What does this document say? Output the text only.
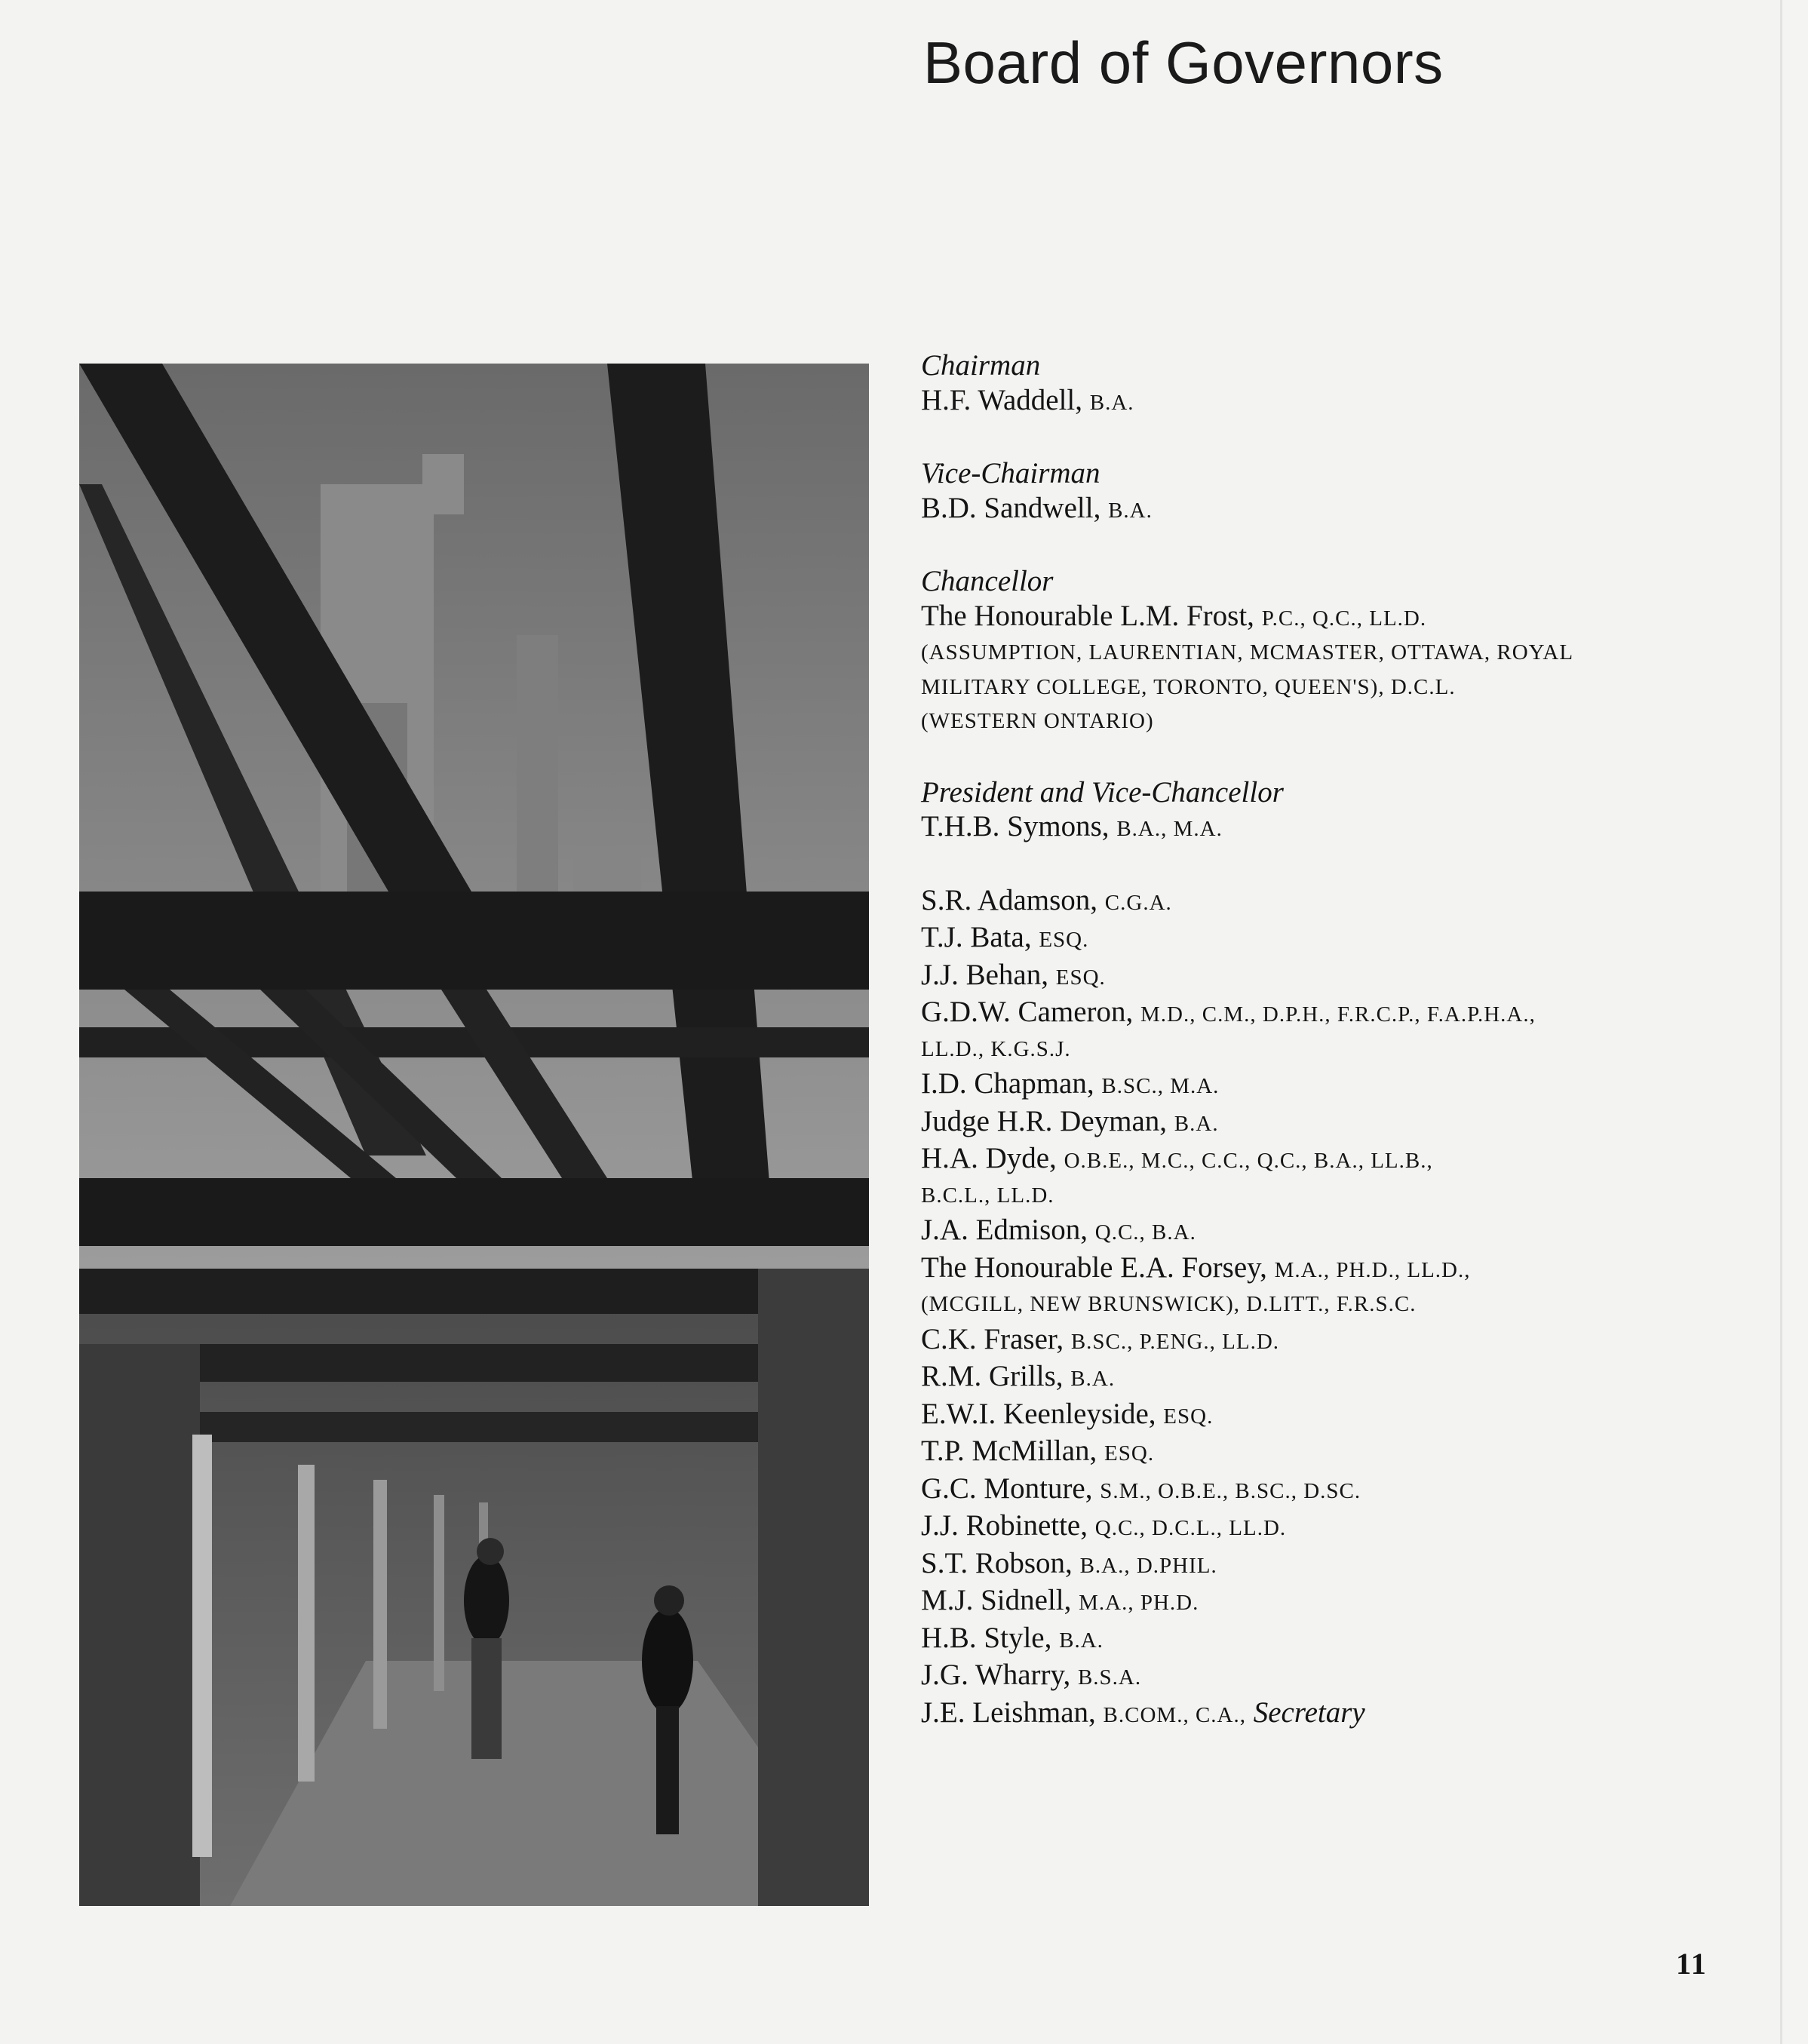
Board of Governors
Chairman
H.F. Waddell, B.A.
Vice-Chairman
B.D. Sandwell, B.A.
Chancellor
The Honourable L.M. Frost, P.C., Q.C., LL.D.
(ASSUMPTION, LAURENTIAN, MCMASTER, OTTAWA, ROYAL
MILITARY COLLEGE, TORONTO, QUEEN'S), D.C.L.
(WESTERN ONTARIO)
President and Vice-Chancellor
T.H.B. Symons, B.A., M.A.
S.R. Adamson, C.G.A.
T.J. Bata, ESQ.
J.J. Behan, ESQ.
G.D.W. Cameron, M.D., C.M., D.P.H., F.R.C.P., F.A.P.H.A.,
LL.D., K.G.S.J.
I.D. Chapman, B.SC., M.A.
Judge H.R. Deyman, B.A.
H.A. Dyde, O.B.E., M.C., C.C., Q.C., B.A., LL.B.,
B.C.L., LL.D.
J.A. Edmison, Q.C., B.A.
The Honourable E.A. Forsey, M.A., PH.D., LL.D.,
(MCGILL, NEW BRUNSWICK), D.LITT., F.R.S.C.
C.K. Fraser, B.SC., P.ENG., LL.D.
R.M. Grills, B.A.
E.W.I. Keenleyside, ESQ.
T.P. McMillan, ESQ.
G.C. Monture, S.M., O.B.E., B.SC., D.SC.
J.J. Robinette, Q.C., D.C.L., LL.D.
S.T. Robson, B.A., D.PHIL.
M.J. Sidnell, M.A., PH.D.
H.B. Style, B.A.
J.G. Wharry, B.S.A.
J.E. Leishman, B.COM., C.A., Secretary
11
